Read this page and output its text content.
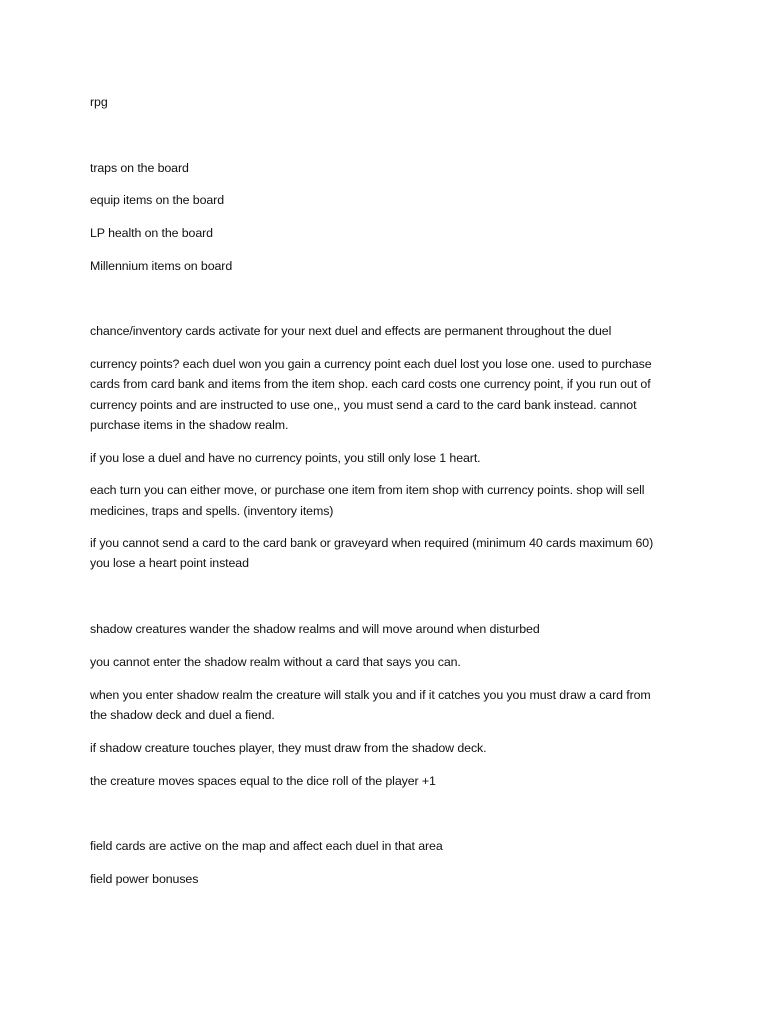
rpg
traps on the board
equip items on the board
LP health on the board
Millennium items on board
chance/inventory cards activate for your next duel and effects are permanent throughout the duel
currency points? each duel won you gain a currency point each duel lost you lose one. used to purchase
cards from card bank and items from the item shop. each card costs one currency point, if you run out of
currency points and are instructed to use one,, you must send a card to the card bank instead. cannot
purchase items in the shadow realm.
if you lose a duel and have no currency points, you still only lose 1 heart.
each turn you can either move, or purchase one item from item shop with currency points. shop will sell
medicines, traps and spells. (inventory items)
if you cannot send a card to the card bank or graveyard when required (minimum 40 cards maximum 60)
you lose a heart point instead
shadow creatures wander the shadow realms and will move around when disturbed
you cannot enter the shadow realm without a card that says you can.
when you enter shadow realm the creature will stalk you and if it catches you you must draw a card from
the shadow deck and duel a fiend.
if shadow creature touches player, they must draw from the shadow deck.
the creature moves spaces equal to the dice roll of the player +1
field cards are active on the map and affect each duel in that area
field power bonuses
